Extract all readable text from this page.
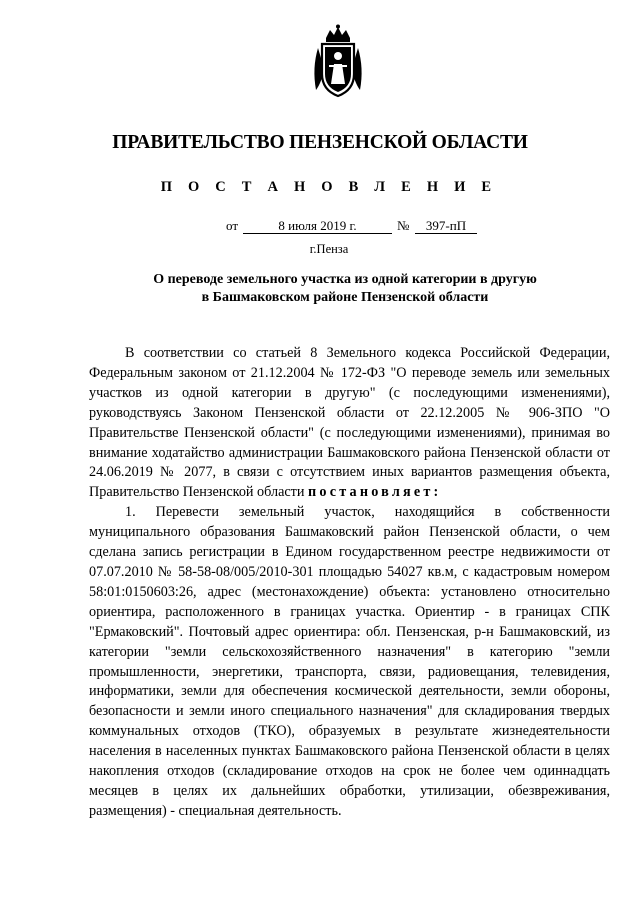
ПРАВИТЕЛЬСТВО ПЕНЗЕНСКОЙ ОБЛАСТИ
П О С Т А Н О В Л Е Н И Е
от	8 июля 2019 г.	№	397-пП
г.Пенза
О переводе земельного участка из одной категории в другую
в Башмаковском районе Пензенской области

В соответствии со статьей 8 Земельного кодекса Российской Федерации, Федеральным законом от 21.12.2004 № 172-ФЗ "О переводе земель или земельных участков из одной категории в другую" (с последующими изменениями), руководствуясь Законом Пензенской области от 22.12.2005 № 906-ЗПО "О Правительстве Пензенской области" (с последующими изменениями), принимая во внимание ходатайство администрации Башмаковского района Пензенской области от 24.06.2019 № 2077, в связи с отсутствием иных вариантов размещения объекта, Правительство Пензенской области постановляет:

1. Перевести земельный участок, находящийся в собственности муниципального образования Башмаковский район Пензенской области, о чем сделана запись регистрации в Едином государственном реестре недвижимости от 07.07.2010 № 58-58-08/005/2010-301 площадью 54027 кв.м, с кадастровым номером 58:01:0150603:26, адрес (местонахождение) объекта: установлено относительно ориентира, расположенного в границах участка. Ориентир - в границах СПК "Ермаковский". Почтовый адрес ориентира: обл. Пензенская, р-н Башмаковский, из категории "земли сельскохозяйственного назначения" в категорию "земли промышленности, энергетики, транспорта, связи, радиовещания, телевидения, информатики, земли для обеспечения космической деятельности, земли обороны, безопасности и земли иного специального назначения" для складирования твердых коммунальных отходов (ТКО), образуемых в результате жизнедеятельности населения в населенных пунктах Башмаковского района Пензенской области в целях накопления отходов (складирование отходов на срок не более чем одиннадцать месяцев в целях их дальнейших обработки, утилизации, обезвреживания, размещения) - специальная деятельность.
